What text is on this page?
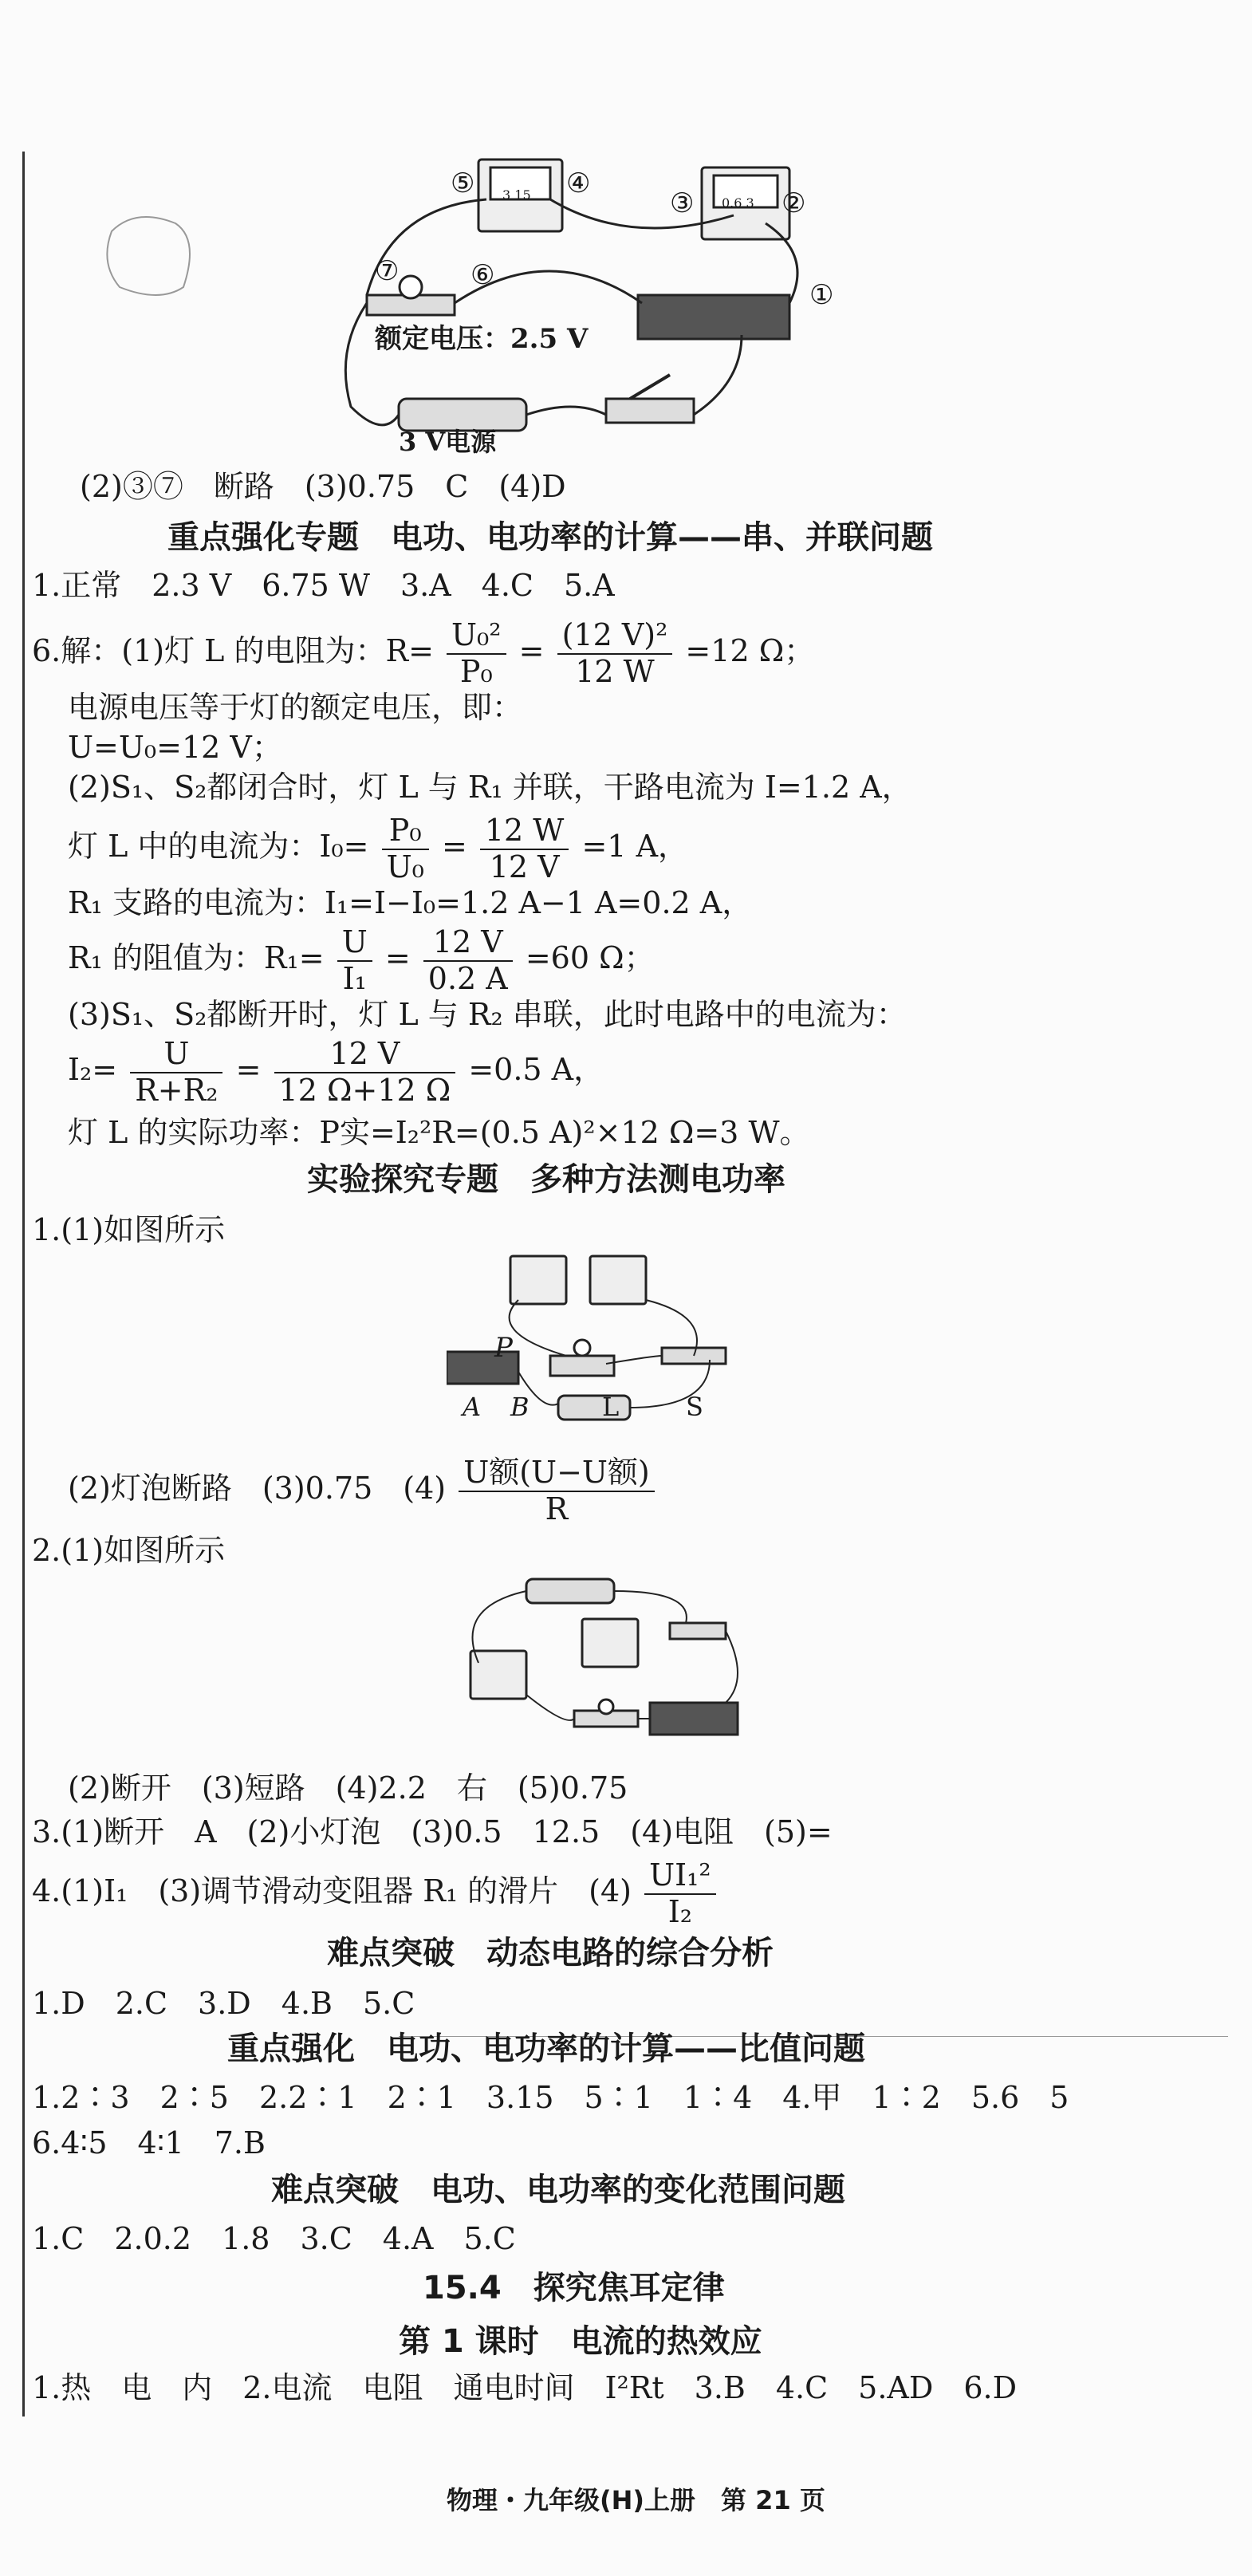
⑤	④
3 15	③ 0.6 3 ②
⑦	⑥
①
额定电压：2.5 V
3 V电源
(2)③⑦　断路　(3)0.75　C　(4)D
重点强化专题　电功、电功率的计算——串、并联问题
1.正常　2.3 V　6.75 W　3.A　4.C　5.A
6.解：(1)灯 L 的电阻为：$R= \frac{\text{U₀²}}{\text{P₀}} = \frac{\text{(12 V)²}}{12 W} =12$ Ω；
电源电压等于灯的额定电压，即：
U=U₀=12 V；
(2)S₁、S₂都闭合时，灯 L 与 R₁ 并联，干路电流为 I=1.2 A，
灯 L 中的电流为：$I_0= \frac{\text{P₀}}{\text{U₀}} = \frac{12 W}{12 V} =1$ A，
R₁ 支路的电流为：I₁=I−I₀=1.2 A−1 A=0.2 A，
R₁ 的阻值为：$R_1= \frac{U}{\text{I₁}} = \frac{12 V}{0.2 A} =60$ Ω；
(3)S₁、S₂都断开时，灯 L 与 R₂ 串联，此时电路中的电流为：
$I_2= \frac{U}{\text{R+R₂}} = \frac{12 V}{12 \Omega+12 \Omega} =0.5$ A，
灯 L 的实际功率：P实=I₂²R=(0.5 A)²×12 Ω=3 W。
实验探究专题　多种方法测电功率
1.(1)如图所示
P
A B	L	S
(2)灯泡断路　(3)0.75　$(4) \frac{\text{U额(U−U额)}}{R}$
2.(1)如图所示
(2)断开　(3)短路　(4)2.2　右　(5)0.75
3.(1)断开　A　(2)小灯泡　(3)0.5　12.5　(4)电阻　(5)=
4.(1)I₁　(3)调节滑动变阻器 R₁ 的滑片　$(4) \frac{\text{UI₁²}}{\text{I₂}}$
难点突破　动态电路的综合分析
1.D　2.C　3.D　4.B　5.C
重点强化　电功、电功率的计算——比值问题
1.2∶3　2∶5　2.2∶1　2∶1　3.15　5∶1　1∶4　4.甲　1∶2　5.6　5
6.4∶5　4∶1　7.B
难点突破　电功、电功率的变化范围问题
1.C　2.0.2　1.8　3.C　4.A　5.C
15.4　探究焦耳定律
第 1 课时　电流的热效应
1.热　电　内　2.电流　电阻　通电时间　I²Rt　3.B　4.C　5.AD　6.D
物理・九年级(H)上册　第 21 页
